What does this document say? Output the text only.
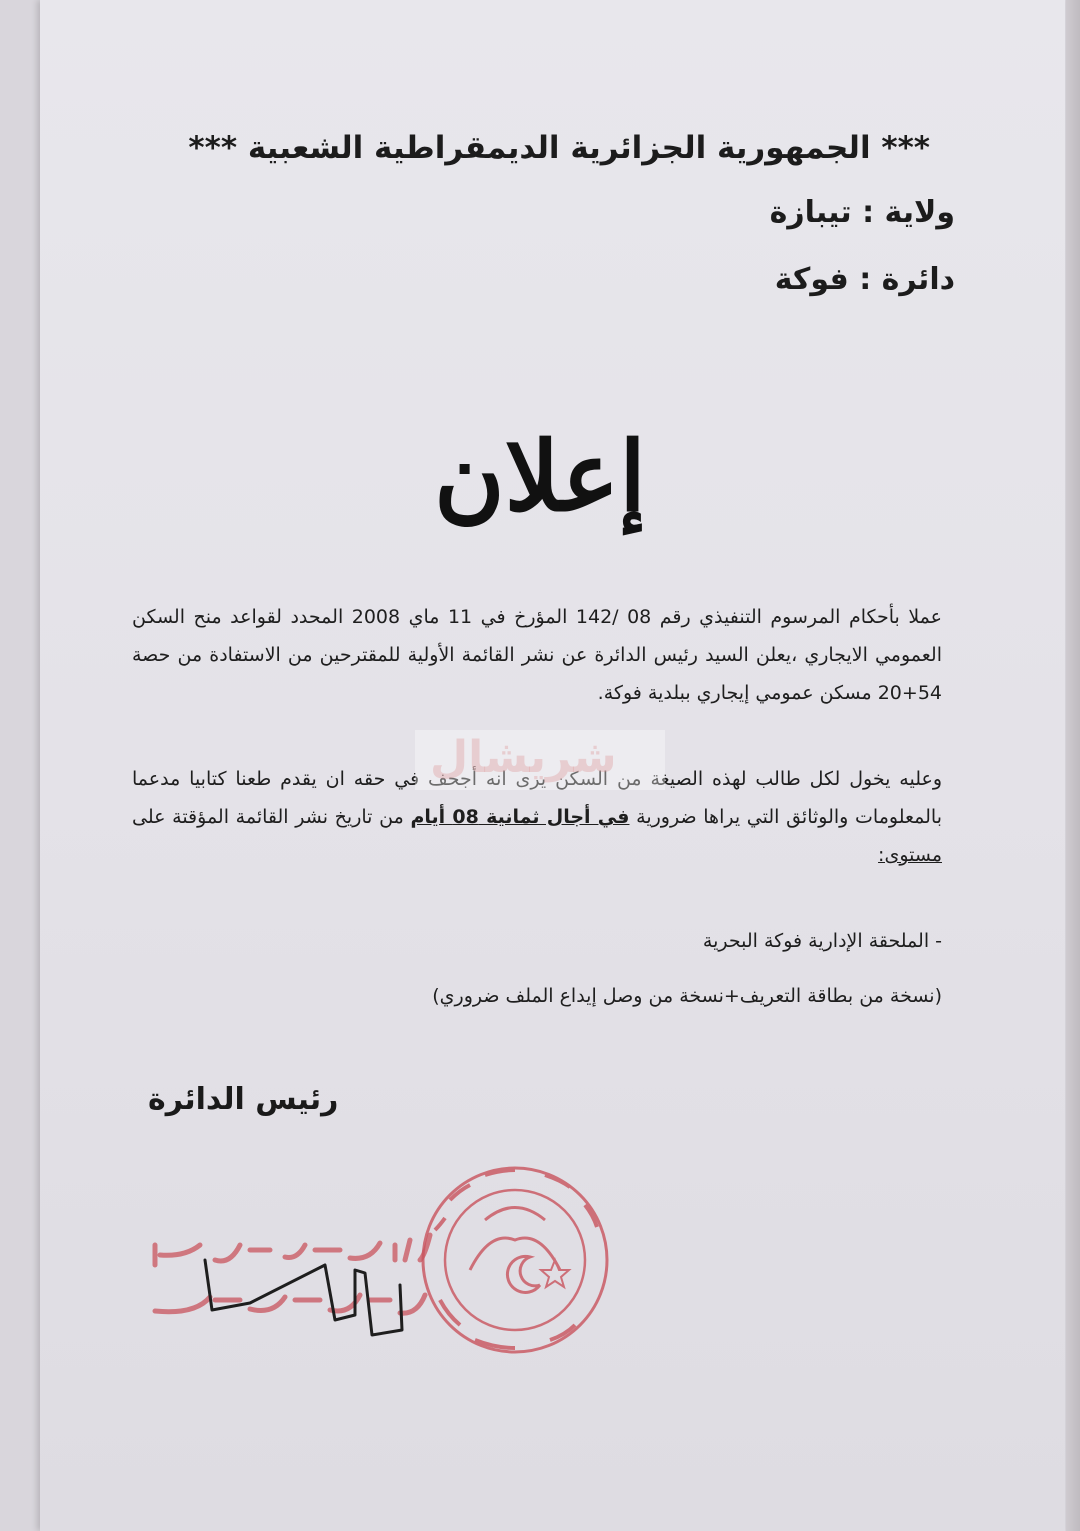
*** الجمهورية الجزائرية الديمقراطية الشعبية ***
ولاية : تيبازة
دائرة : فوكة
إعلان
عملا بأحكام المرسوم التنفيذي رقم 08 /142 المؤرخ في 11 ماي 2008 المحدد لقواعد منح السكن العمومي الايجاري ،يعلن السيد رئيس الدائرة عن نشر القائمة الأولية للمقترحين من الاستفادة من حصة 54+20 مسكن عمومي إيجاري ببلدية فوكة.
وعليه يخول لكل طالب لهذه الصيغة من السكن يرى انه أجحف في حقه ان يقدم طعنا كتابيا مدعما بالمعلومات والوثائق التي يراها ضرورية في أجال ثمانية 08 أيام من تاريخ نشر القائمة المؤقتة على مستوى:
- الملحقة الإدارية فوكة البحرية
(نسخة من بطاقة التعريف+نسخة من وصل إيداع الملف ضروري)
رئيس الدائرة
شريشال
